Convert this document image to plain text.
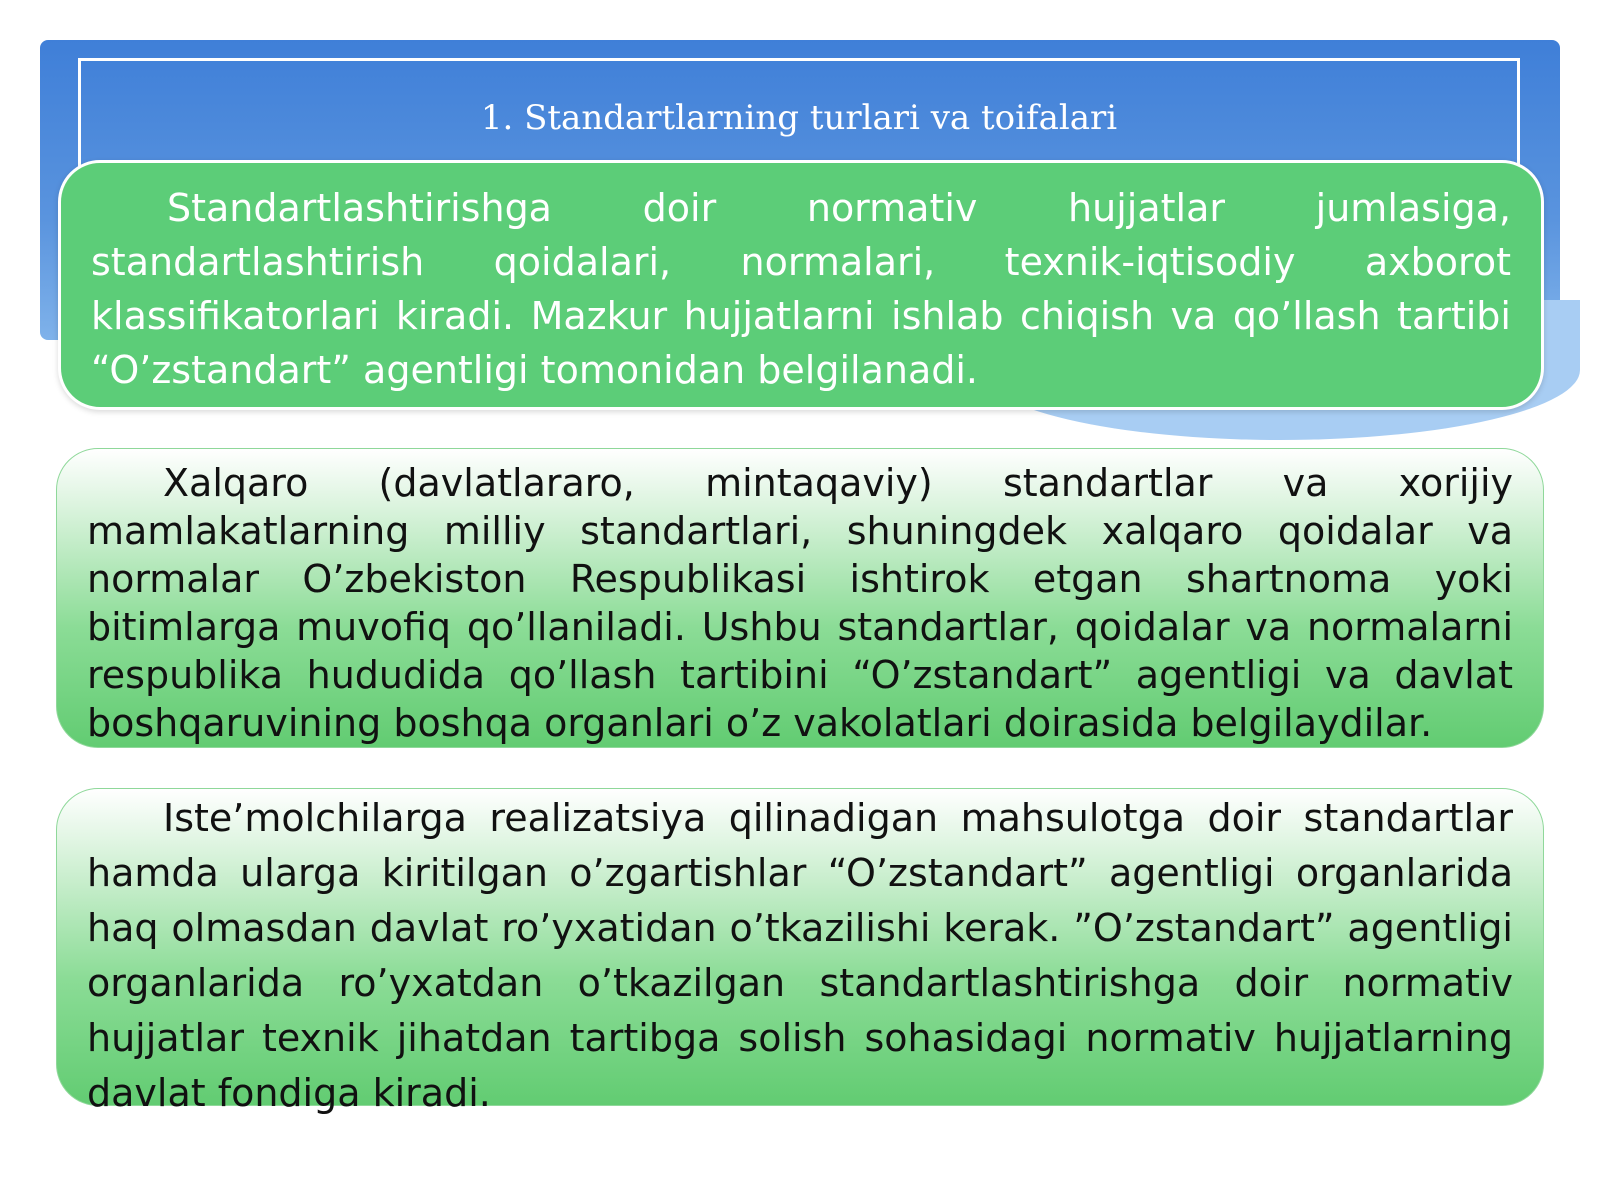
1. Standartlarning turlari va toifalari

Standartlashtirishga doir normativ hujjatlar jumlasiga, standartlashtirish qoidalari, normalari, texnik-iqtisodiy axborot klassifikatorlari kiradi. Mazkur hujjatlarni ishlab chiqish va qo’llash tartibi “O’zstandart” agentligi tomonidan belgilanadi.

Xalqaro (davlatlararo, mintaqaviy) standartlar va xorijiy mamlakatlarning milliy standartlari, shuningdek xalqaro qoidalar va normalar O’zbekiston Respublikasi ishtirok etgan shartnoma yoki bitimlarga muvofiq qo’llaniladi. Ushbu standartlar, qoidalar va normalarni respublika hududida qo’llash tartibini “O’zstandart” agentligi va davlat boshqaruvining boshqa organlari o’z vakolatlari doirasida belgilaydilar.

Iste’molchilarga realizatsiya qilinadigan mahsulotga doir standartlar hamda ularga kiritilgan o’zgartishlar “O’zstandart” agentligi organlarida haq olmasdan davlat ro’yxatidan o’tkazilishi kerak. ”O’zstandart” agentligi organlarida ro’yxatdan o’tkazilgan standartlashtirishga doir normativ hujjatlar texnik jihatdan tartibga solish sohasidagi normativ hujjatlarning davlat fondiga kiradi.
